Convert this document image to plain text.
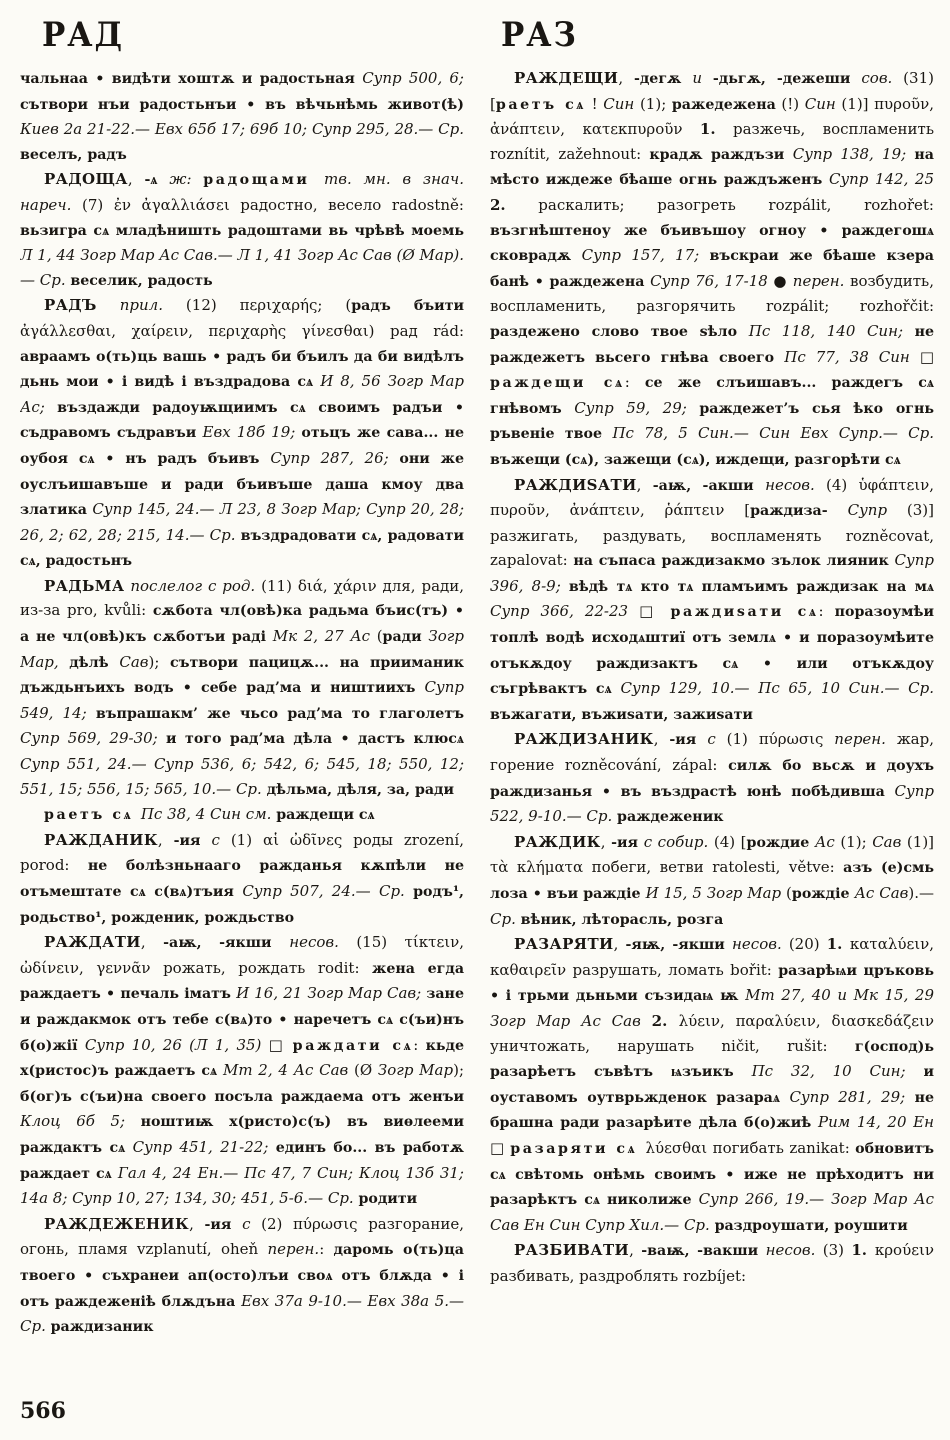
РАД	РАЗ

чальнаа • видѣти хоштѫ и радостьная Супр 500, 6; сътвори нъи радостьнъи • въ вѣчьнѣмь живот(ѣ) Киев 2а 21-22.— Евх 65б 17; 69б 10; Супр 295, 28.— Ср. веселъ, радъ

РАДОЩА, -ѧ ж: радощами тв. мн. в знач. нареч. (7) ἐν ἀγαλλιάσει радостно, весело radostně: вьзигра сѧ младѣништь радоштами вь чрѣвѣ моемь Л 1, 44 Зогр Мар Ас Сав.— Л 1, 41 Зогр Ас Сав (Ø Мар).— Ср. веселик, радость

РАДЪ прил. (12) περιχαρής; (радъ бъити ἀγάλλεσθαι, χαίρειν, περιχαρὴς γίνεσθαι) рад rád: авраамъ о(ть)ць вашь • радъ би бъилъ да би видѣлъ дьнь мои • і видѣ і въздрадова сѧ И 8, 56 Зогр Мар Ас; въздажди радоуѭщиимъ сѧ своимъ радъи • съдравомъ съдравъи Евх 18б 19; отьцъ же сава... не оубоя сѧ • нъ радъ бъивъ Супр 287, 26; они же оуслъишавъше и ради бъивъше даша кмоу два златика Супр 145, 24.— Л 23, 8 Зогр Мар; Супр 20, 28; 26, 2; 62, 28; 215, 14.— Ср. въздрадовати сѧ, радовати сѧ, радостьнъ

РАДЬМА послелог с род. (11) διά, χάριν для, ради, из-за pro, kvůli: сѫбота чл(овѣ)ка радьма бъис(тъ) • а не чл(овѣ)къ сѫботъи раді Мк 2, 27 Ас (ради Зогр Мар, дѣлѣ Сав); сътвори пацицѫ... на прииманик дъждьнъихъ водъ • себе рад’ма и ништиихъ Супр 549, 14; въпрашакм’ же чьсо рад’ма то глаголетъ Супр 569, 29-30; и того рад’ма дѣла • дастъ клюсѧ Супр 551, 24.— Супр 536, 6; 542, 6; 545, 18; 550, 12; 551, 15; 556, 15; 565, 10.— Ср. дѣльма, дѣля, за, ради

раетъ сѧ Пс 38, 4 Син см. раждещи сѧ

РАЖДАНИК, -ия с (1) αἱ ὠδῖνες роды zrození, porod: не болѣзньнааго ражданья кѫпѣли не отъмештате сѧ с(вѧ)тъия Супр 507, 24.— Ср. родъ¹, родьство¹, рожденик, рождьство

РАЖДАТИ, -аѭ, -якши несов. (15) τίκτειν, ὠδίνειν, γεννᾶν рожать, рождать rodit: жена егда раждаетъ • печаль іматъ И 16, 21 Зогр Мар Сав; зане и раждакмок отъ тебе с(вѧ)то • наречетъ сѧ с(ъи)нъ б(о)жії Супр 10, 26 (Л 1, 35) □ раждати сѧ: кьде х(ристос)ъ раждаетъ сѧ Мт 2, 4 Ас Сав (Ø Зогр Мар); б(ог)ъ с(ъи)на своего посъла раждаема отъ женъи Клоц 6б 5; ноштиѭ х(ристо)с(ъ) въ виѳлееми раждактъ сѧ Супр 451, 21-22; единъ бо... въ работѫ раждает сѧ Гал 4, 24 Ен.— Пс 47, 7 Син; Клоц 13б 31; 14а 8; Супр 10, 27; 134, 30; 451, 5-6.— Ср. родити

РАЖДЕЖЕНИК, -ия с (2) πύρωσις разгорание, огонь, пламя vzplanutí, oheň перен.: даромь о(ть)ца твоего • съхранеи ап(осто)лъи своѧ отъ блѫда • і отъ раждеженіѣ блѫдъна Евх 37а 9-10.— Евх 38а 5.— Ср. раждизаник

РАЖДЕЩИ, -дегѫ и -дьгѫ, -дежеши сов. (31) [раетъ сѧ ! Син (1); ражедежена (!) Син (1)] πυροῦν, ἀνάπτειν, κατεκπυροῦν 1. разжечь, воспламенить roznítit, zažehnout: крадѫ раждъзи Супр 138, 19; на мѣсто иждеже бѣаше огнь раждъженъ Супр 142, 25 2. раскалить; разогреть rozpálit, rozhořet: възгнѣштеноу же бъивъшоу огноу • раждегошѧ сковрадѫ Супр 157, 17; въскраи же бѣаше кзера банѣ • раждежена Супр 76, 17-18 ● перен. возбудить, воспламенить, разгорячить rozpálit; rozhořčit: раздежено слово твое ѕѣло Пс 118, 140 Син; не раждежетъ вьсего гнѣва своего Пс 77, 38 Син □ раждещи сѧ: се же слъишавъ... раждегъ сѧ гнѣвомъ Супр 59, 29; раждежет’ъ сья ѣко огнь ръвеніе твое Пс 78, 5 Син.— Син Евх Супр.— Ср. въжещи (сѧ), зажещи (сѧ), иждещи, разгорѣти сѧ

РАЖДИЅАТИ, -аѭ, -акши несов. (4) ὑφάπτειν, πυροῦν, ἀνάπτειν, ῥάπτειν [раждиза- Супр (3)] разжигать, раздувать, воспламенять rozněcovat, zapalovat: на съпаса раждизакмо зълок лияник Супр 396, 8-9; вѣдѣ тѧ кто тѧ пламъимъ раждизак на мѧ Супр 366, 22-23 □ раждиѕати сѧ: поразоумѣи топлѣ водѣ исходѧштиї отъ землѧ • и поразоумѣите отъкѫдоу раждизактъ сѧ • или отъкѫдоу съгрѣвактъ сѧ Супр 129, 10.— Пс 65, 10 Син.— Ср. въжагати, въжиѕати, зажиѕати

РАЖДИЗАНИК, -ия с (1) πύρωσις перен. жар, горение rozněcování, zápal: силѫ бо вьсѫ и доухъ раждизанья • въ въздрастѣ юнѣ побѣдивша Супр 522, 9-10.— Ср. раждеженик

РАЖДИК, -ия с собир. (4) [рождие Ас (1); Сав (1)] τὰ κλήματα побеги, ветви ratolesti, větve: азъ (е)смь лоза • въи раждіе И 15, 5 Зогр Мар (рождіе Ас Сав).— Ср. вѣник, лѣторасль, розга

РАЗАРЯТИ, -яѭ, -якши несов. (20) 1. καταλύειν, καθαιρεῖν разрушать, ломать bořit: разарѣѩи цръковь • і трьми дьньми съзидаѩ ѭ Мт 27, 40 и Мк 15, 29 Зогр Мар Ас Сав 2. λύειν, παραλύειν, διασκεδάζειν уничтожать, нарушать ničit, rušit: г(оспод)ь разарѣетъ съвѣтъ ѩзъикъ Пс 32, 10 Син; и оуставомъ оутврьжденок разараѧ Супр 281, 29; не брашна ради разарѣите дѣла б(о)жиѣ Рим 14, 20 Ен □ разаряти сѧ λύεσθαι погибать zanikat: обновитъ сѧ свѣтомь онѣмь своимъ • иже не прѣходитъ ни разарѣктъ сѧ николиже Супр 266, 19.— Зогр Мар Ас Сав Ен Син Супр Хил.— Ср. раздроушати, роушити

РАЗБИВАТИ, -ваѭ, -вакши несов. (3) 1. κρούειν разбивать, раздроблять rozbíjet:

566
